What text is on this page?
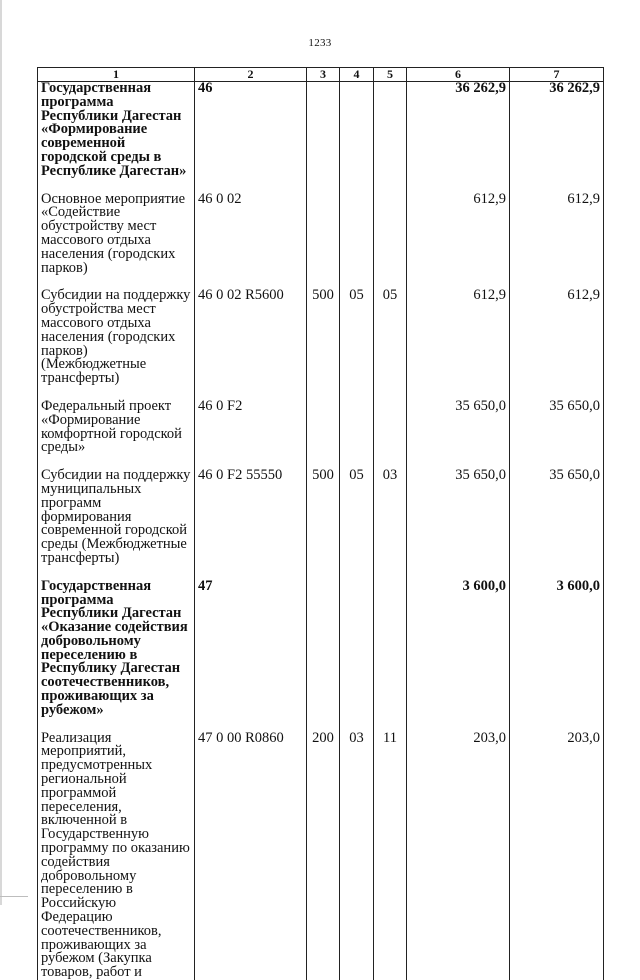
1233
1	2	3	4	5	6	7
Государственная программа Республики Дагестан «Формирование современной городской среды в Республике Дагестан»	46				36 262,9	36 262,9
Основное мероприятие «Содействие обустройству мест массового отдыха населения (городских парков)	46 0 02				612,9	612,9
Субсидии на поддержку обустройства мест массового отдыха населения (городских парков) (Межбюджетные трансферты)	46 0 02 R5600	500	05	05	612,9	612,9
Федеральный проект «Формирование комфортной городской среды»	46 0 F2				35 650,0	35 650,0
Субсидии на поддержку муниципальных программ формирования современной городской среды (Межбюджетные трансферты)	46 0 F2 55550	500	05	03	35 650,0	35 650,0
Государственная программа Республики Дагестан «Оказание содействия добровольному переселению в Республику Дагестан соотечественников, проживающих за рубежом»	47				3 600,0	3 600,0
Реализация мероприятий, предусмотренных региональной программой переселения, включенной в Государственную программу по оказанию содействия добровольному переселению в Российскую Федерацию соотечественников, проживающих за рубежом (Закупка товаров, работ и	47 0 00 R0860	200	03	11	203,0	203,0
